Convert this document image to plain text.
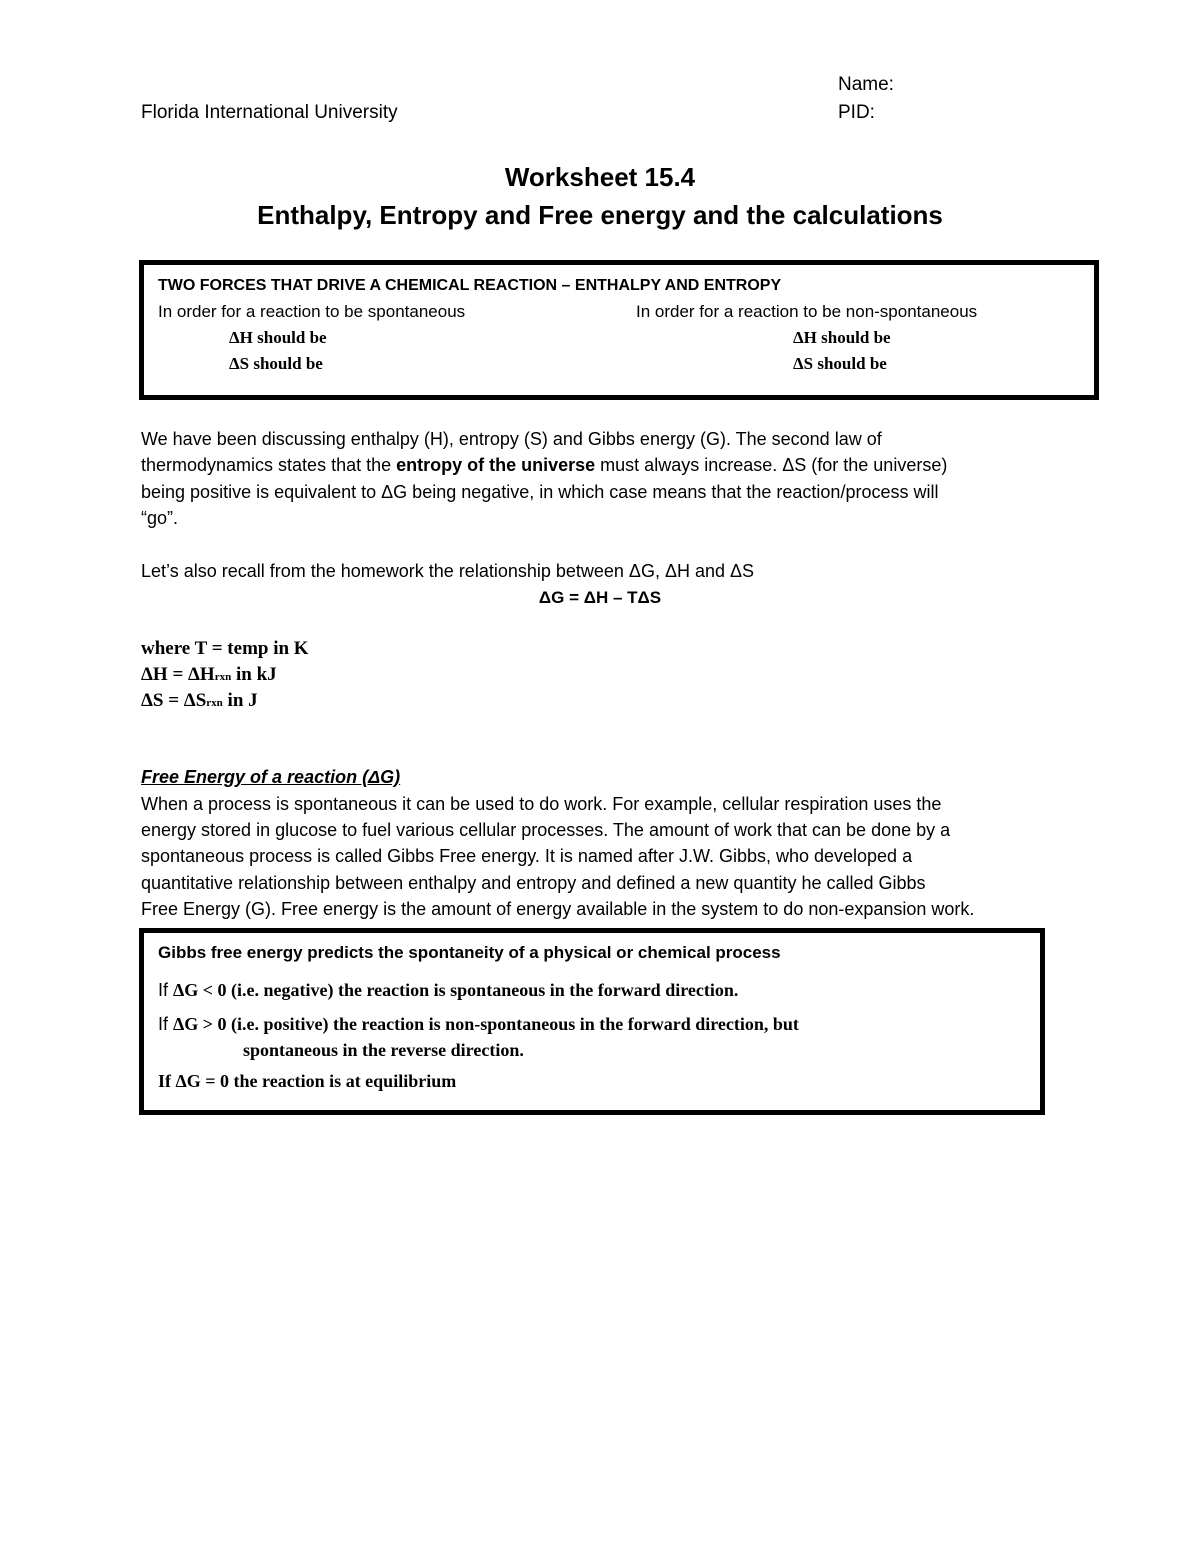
Florida International University
Name:
PID:
Worksheet 15.4
Enthalpy, Entropy and Free energy and the calculations
TWO FORCES THAT DRIVE A CHEMICAL REACTION – ENTHALPY AND ENTROPY
In order for a reaction to be spontaneous	In order for a reaction to be non-spontaneous
ΔH should be
ΔS should be
ΔH should be
ΔS should be
We have been discussing enthalpy (H), entropy (S) and Gibbs energy (G). The second law of
thermodynamics states that the entropy of the universe must always increase. ΔS (for the universe)
being positive is equivalent to ΔG being negative, in which case means that the reaction/process will
“go”.
Let’s also recall from the homework the relationship between ΔG, ΔH and ΔS
ΔG = ΔH – TΔS
where T = temp in K
ΔH = ΔHrxn in kJ
ΔS = ΔSrxn in J
Free Energy of a reaction (ΔG)
When a process is spontaneous it can be used to do work. For example, cellular respiration uses the
energy stored in glucose to fuel various cellular processes. The amount of work that can be done by a
spontaneous process is called Gibbs Free energy. It is named after J.W. Gibbs, who developed a
quantitative relationship between enthalpy and entropy and defined a new quantity he called Gibbs
Free Energy (G). Free energy is the amount of energy available in the system to do non-expansion work.
Gibbs free energy predicts the spontaneity of a physical or chemical process
If ΔG < 0 (i.e. negative) the reaction is spontaneous in the forward direction.
If ΔG > 0 (i.e. positive) the reaction is non-spontaneous in the forward direction, but
spontaneous in the reverse direction.
If ΔG = 0 the reaction is at equilibrium
